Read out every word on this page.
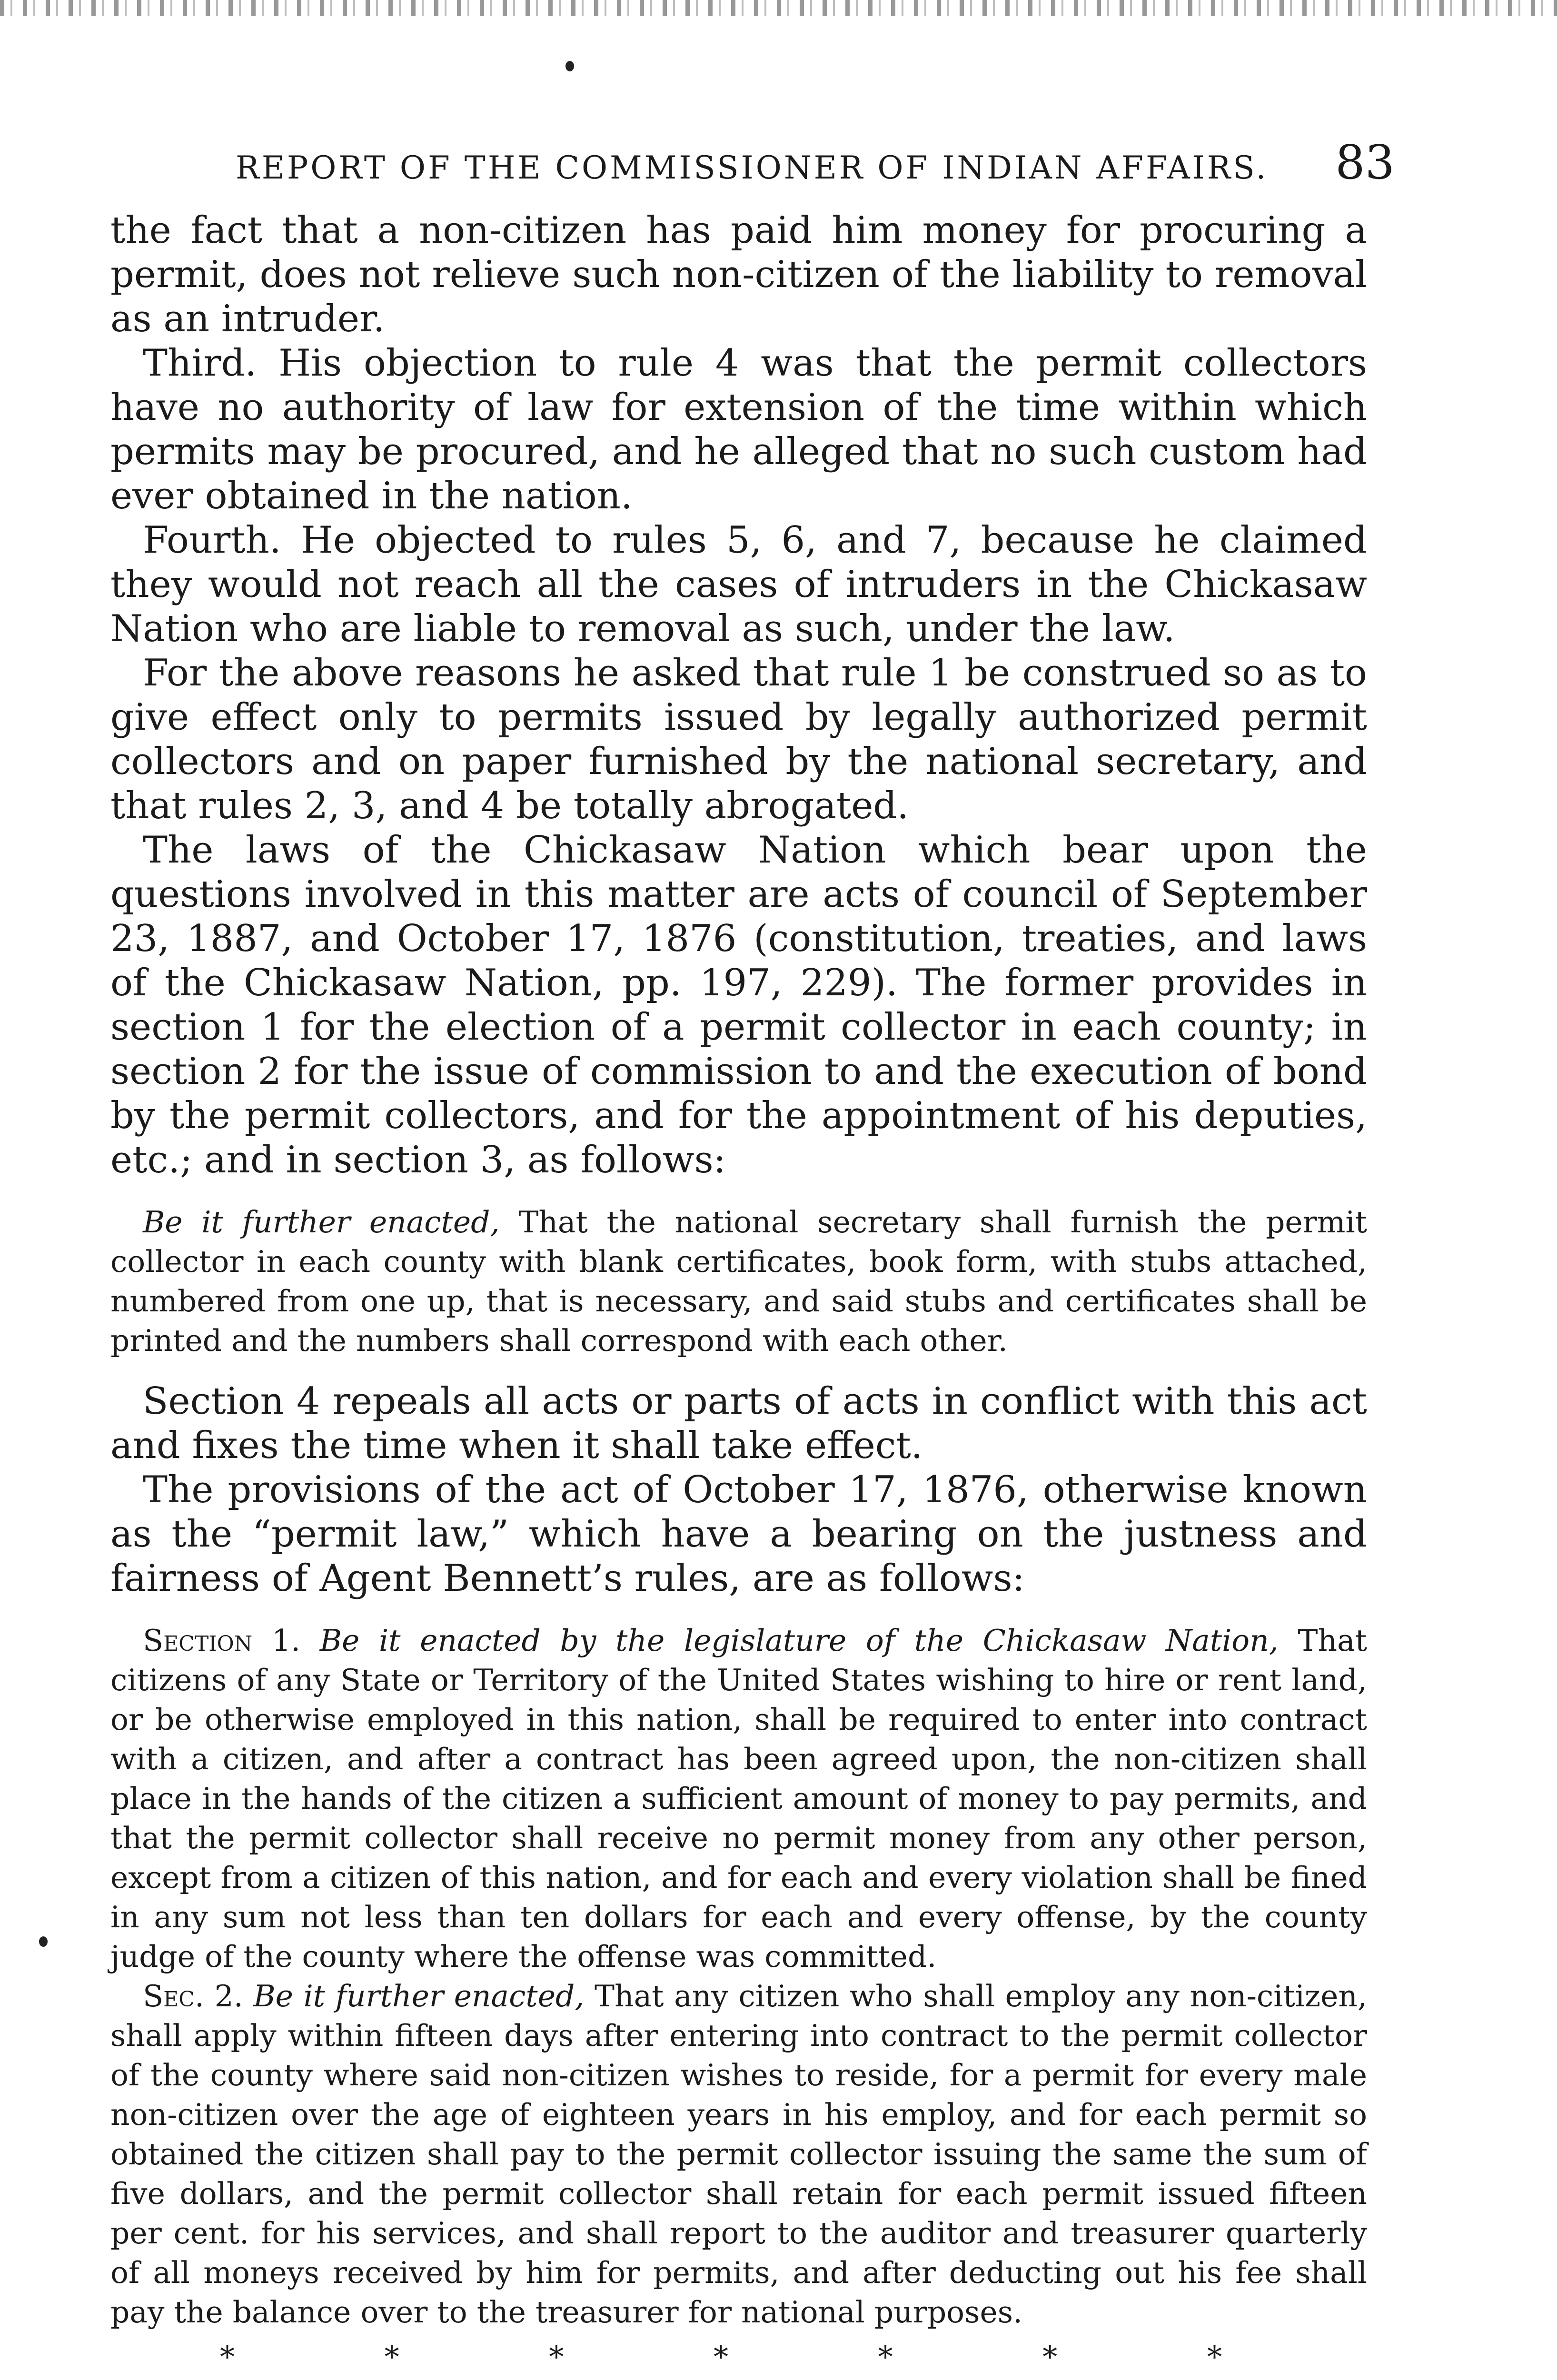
REPORT OF THE COMMISSIONER OF INDIAN AFFAIRS. 83

the fact that a non-citizen has paid him money for procuring a permit, does not relieve such non-citizen of the liability to removal as an intruder.

Third. His objection to rule 4 was that the permit collectors have no authority of law for extension of the time within which permits may be procured, and he alleged that no such custom had ever obtained in the nation.

Fourth. He objected to rules 5, 6, and 7, because he claimed they would not reach all the cases of intruders in the Chickasaw Nation who are liable to removal as such, under the law.

For the above reasons he asked that rule 1 be construed so as to give effect only to permits issued by legally authorized permit collectors and on paper furnished by the national secretary, and that rules 2, 3, and 4 be totally abrogated.

The laws of the Chickasaw Nation which bear upon the questions involved in this matter are acts of council of September 23, 1887, and October 17, 1876 (constitution, treaties, and laws of the Chickasaw Nation, pp. 197, 229). The former provides in section 1 for the election of a permit collector in each county; in section 2 for the issue of commission to and the execution of bond by the permit collectors, and for the appointment of his deputies, etc.; and in section 3, as follows:

Be it further enacted, That the national secretary shall furnish the permit collector in each county with blank certificates, book form, with stubs attached, numbered from one up, that is necessary, and said stubs and certificates shall be printed and the numbers shall correspond with each other.

Section 4 repeals all acts or parts of acts in conflict with this act and fixes the time when it shall take effect.

The provisions of the act of October 17, 1876, otherwise known as the “permit law,” which have a bearing on the justness and fairness of Agent Bennett’s rules, are as follows:

Section 1. Be it enacted by the legislature of the Chickasaw Nation, That citizens of any State or Territory of the United States wishing to hire or rent land, or be otherwise employed in this nation, shall be required to enter into contract with a citizen, and after a contract has been agreed upon, the non-citizen shall place in the hands of the citizen a sufficient amount of money to pay permits, and that the permit collector shall receive no permit money from any other person, except from a citizen of this nation, and for each and every violation shall be fined in any sum not less than ten dollars for each and every offense, by the county judge of the county where the offense was committed.

Sec. 2. Be it further enacted, That any citizen who shall employ any non-citizen, shall apply within fifteen days after entering into contract to the permit collector of the county where said non-citizen wishes to reside, for a permit for every male non-citizen over the age of eighteen years in his employ, and for each permit so obtained the citizen shall pay to the permit collector issuing the same the sum of five dollars, and the permit collector shall retain for each permit issued fifteen per cent. for his services, and shall report to the auditor and treasurer quarterly of all moneys received by him for permits, and after deducting out his fee shall pay the balance over to the treasurer for national purposes.

*	*	*	*	*	*	*
